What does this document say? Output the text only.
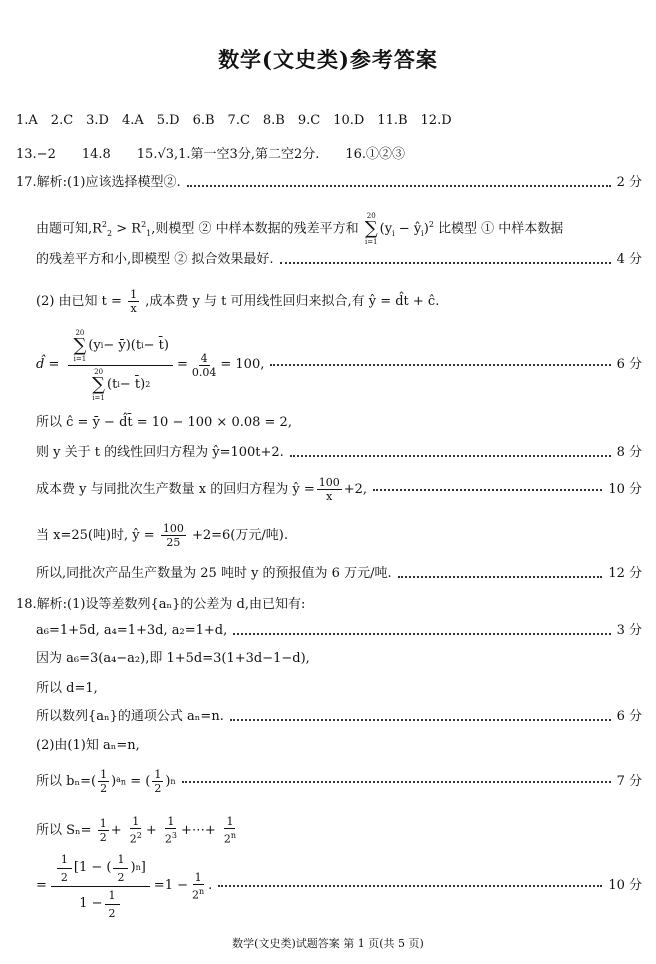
数学(文史类)参考答案
1.A　2.C　3.D　4.A　5.D　6.B　7.C　8.B　9.C　10.D　11.B　12.D
13.−2　　14.8　　15.√3,1.第一空3分,第二空2分.　　16.①②③
17.解析:(1)应该选择模型②.	2 分
由题可知$,R^2_2 > R^2_1$,则模型 ② 中样本数据的残差平方和
20
∑
i=1
($y_i$ − $ŷ_i)^2$ 比模型 ① 中样本数据
的残差平方和小,即模型 ② 拟合效果最好.	4 分
(2) 由已知 $t = \frac{1}{x}$ ,成本费 y 与 t 可用线性回归来拟合,有 ŷ = d̂t + ĉ.
d̂ = 20
∑
i=1
(y i − ȳ)(t i − t̄)
20
∑
i=1
(t i − t̄) $2 = \frac{4}{0.04} = 100$,	6 分
所以 ĉ = ȳ − d̂t̄ = 10 − 100 × 0.08 = 2,
则 y 关于 t 的线性回归方程为 ŷ=100t+2.	8 分
成本费 y 与同批次生产数量 x 的回归方程为 ŷ = $\frac{100}{x} +2$,	10 分
当 x=25(吨)时, ŷ = $\frac{100}{25} +2=6$(万元/吨).
所以,同批次产品生产数量为 25 吨时 y 的预报值为 6 万元/吨.	12 分
18.解析:(1)设等差数列{aₙ}的公差为 d,由已知有:
a₆=1+5d, a₄=1+3d, a₂=1+d,	3 分
因为 a₆=3(a₄−a₂),即 1+5d=3(1+3d−1−d),
所以 d=1,
所以数列{aₙ}的通项公式 aₙ=n.	6 分
(2)由(1)知 aₙ=n,
所以 bₙ= ( $\frac{1}{2}$ ) $a_n$ = ( $\frac{1}{2}$ ) n	7 分
所以 $S_n= \frac{1}{2} + \frac{1}{2^2} + \frac{1}{2^3}$ +⋯+ $\frac{1}{2^n}$
= $\frac{\frac{1}{2} [1 - ( \frac{1}{2} ) n ]}{1 - \frac{1}{2}} =1 - \frac{1}{2^n}$ .	10 分
数学(文史类)试题答案 第 1 页(共 5 页)
